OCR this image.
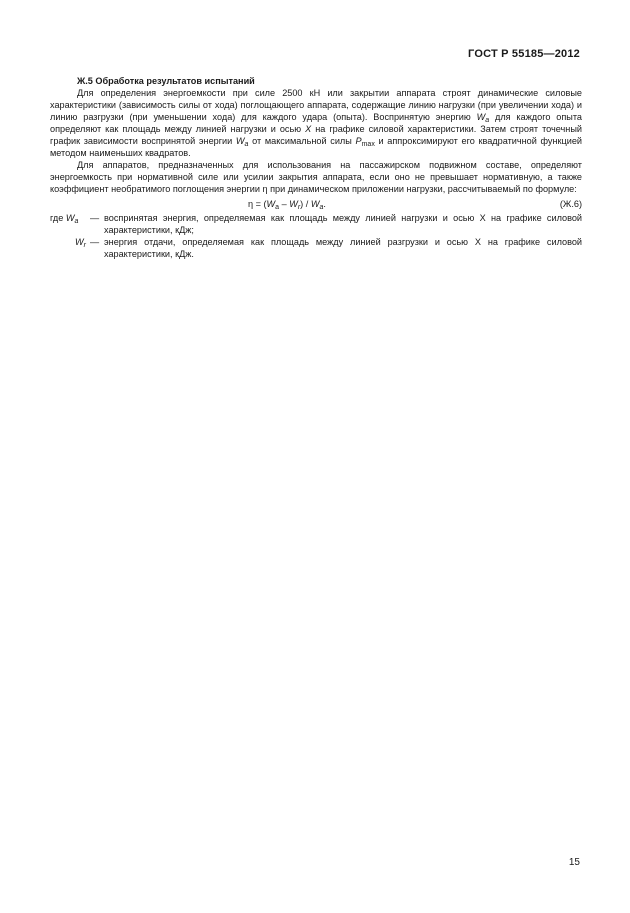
ГОСТ Р 55185—2012
Ж.5 Обработка результатов испытаний

Для определения энергоемкости при силе 2500 кН или закрытии аппарата строят динамические силовые характеристики (зависимость силы от хода) поглощающего аппарата, содержащие линию нагрузки (при увеличении хода) и линию разгрузки (при уменьшении хода) для каждого удара (опыта). Воспринятую энергию $W_a$ для каждого опыта определяют как площадь между линией нагрузки и осью X на графике силовой характеристики. Затем строят точечный график зависимости воспринятой энергии $W_a$ от максимальной силы $P_{max}$ и аппроксимируют его квадратичной функцией методом наименьших квадратов.

Для аппаратов, предназначенных для использования на пассажирском подвижном составе, определяют энергоемкость при нормативной силе или усилии закрытия аппарата, если оно не превышает нормативную, а также коэффициент необратимого поглощения энергии η при динамическом приложении нагрузки, рассчитываемый по формуле:

$\eta = (W_a - W_r) / W_a$.	(Ж.6)
где $W_a$	— воспринятая энергия, определяемая как площадь между линией нагрузки и осью X на графике силовой характеристики, кДж;
$W_r$ — энергия отдачи, определяемая как площадь между линией разгрузки и осью X на графике силовой характеристики, кДж.
15
